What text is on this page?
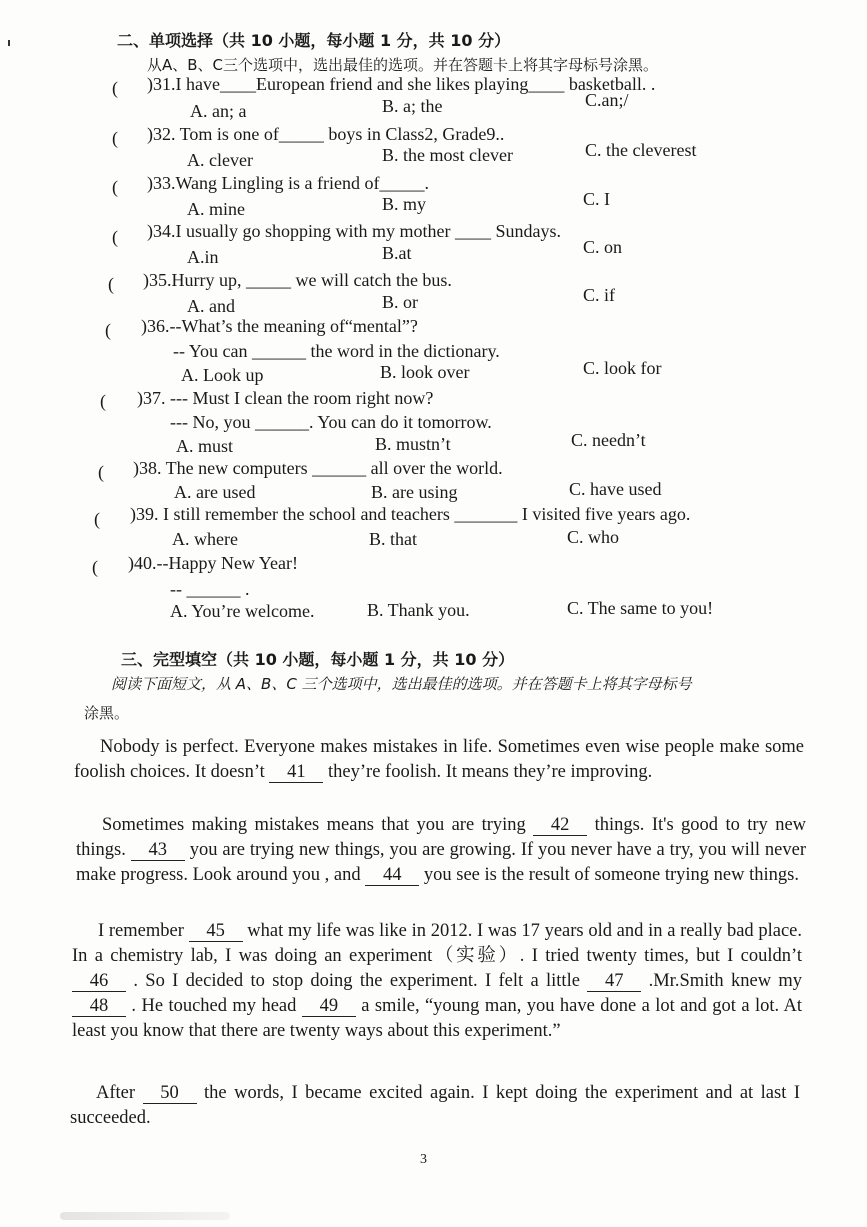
二、单项选择（共 10 小题，每小题 1 分，共 10 分）
从A、B、C三个选项中，选出最佳的选项。并在答题卡上将其字母标号涂黑。
( )31.I have____European friend and she likes playing____ basketball. .
A. an; a	B. a; the	C.an;/
( )32. Tom is one of_____ boys in Class2, Grade9..
A. clever	B. the most clever	C. the cleverest
( )33.Wang Lingling is a friend of_____.
A. mine	B. my	C. I
( )34.I usually go shopping with my mother ____ Sundays.
A.in	B.at	C. on
( )35.Hurry up, _____ we will catch the bus.
A. and	B. or	C. if
( )36.--What’s the meaning of“mental”?
-- You can ______ the word in the dictionary.
A. Look up	B. look over	C. look for
( )37. --- Must I clean the room right now?
--- No, you ______. You can do it tomorrow.
A. must	B. mustn’t	C. needn’t
( )38. The new computers ______ all over the world.
A. are used	B. are using	C. have used
( )39. I still remember the school and teachers _______ I visited five years ago.
A. where	B. that	C. who
( )40.--Happy New Year!
-- ______ .
A. You’re welcome.	B. Thank you.	C. The same to you!
三、完型填空（共 10 小题，每小题 1 分，共 10 分）
阅读下面短文，从 A、B、C 三个选项中，选出最佳的选项。并在答题卡上将其字母标号
涂黑。
Nobody is perfect. Everyone makes mistakes in life. Sometimes even wise people make some foolish choices. It doesn’t 41 they’re foolish. It means they’re improving.
Sometimes making mistakes means that you are trying 42 things. It's good to try new things. 43 you are trying new things, you are growing. If you never have a try, you will never make progress. Look around you , and 44 you see is the result of someone trying new things.
I remember 45 what my life was like in 2012. I was 17 years old and in a really bad place. In a chemistry lab, I was doing an experiment（实验）. I tried twenty times, but I couldn’t 46 . So I decided to stop doing the experiment. I felt a little 47 .Mr.Smith knew my 48 . He touched my head 49 a smile, “young man, you have done a lot and got a lot. At least you know that there are twenty ways about this experiment.”
After 50 the words, I became excited again. I kept doing the experiment and at last I succeeded.
3
